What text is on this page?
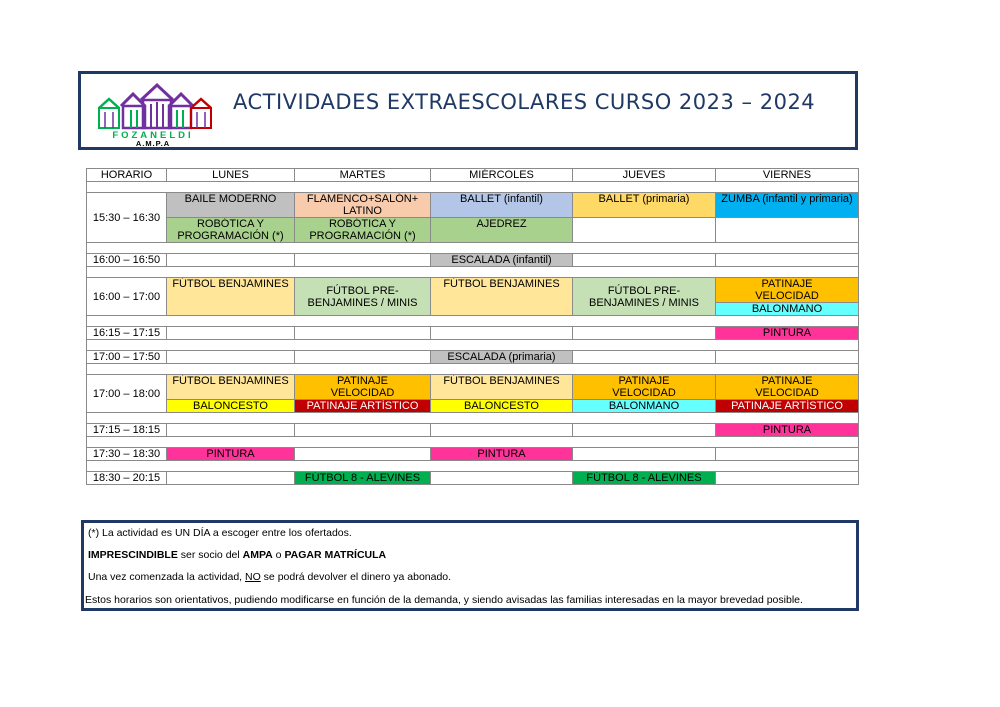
FOZANELDI
A.M.P.A
ACTIVIDADES EXTRAESCOLARES CURSO 2023 – 2024
HORARIO	LUNES	MARTES	MIÉRCOLES	JUEVES	VIERNES

15:30 – 16:30	BAILE MODERNO	FLAMENCO+SALÓN+
LATINO	BALLET (infantil)	BALLET (primaria)	ZUMBA (infantil y primaria)
	ROBÓTICA Y
PROGRAMACIÓN (*)	ROBÓTICA Y
PROGRAMACIÓN (*)	AJEDREZ		

16:00 – 16:50			ESCALADA (infantil)		

16:00 – 17:00	FÚTBOL BENJAMINES	FÚTBOL PRE-
BENJAMINES / MINIS	FÚTBOL BENJAMINES	FÚTBOL PRE-
BENJAMINES / MINIS	PATINAJE
VELOCIDAD
					BALONMANO

16:15 – 17:15					PINTURA

17:00 – 17:50			ESCALADA (primaria)		

17:00 – 18:00	FÚTBOL BENJAMINES	PATINAJE
VELOCIDAD	FÚTBOL BENJAMINES	PATINAJE
VELOCIDAD	PATINAJE
VELOCIDAD
	BALONCESTO	PATINAJE ARTÍSTICO	BALONCESTO	BALONMANO	PATINAJE ARTÍSTICO

17:15 – 18:15					PINTURA

17:30 – 18:30	PINTURA		PINTURA		

18:30 – 20:15		FÚTBOL 8 - ALEVINES		FÚTBOL 8 - ALEVINES	
(*) La actividad es UN DÍA a escoger entre los ofertados.
IMPRESCINDIBLE ser socio del AMPA o PAGAR MATRÍCULA
Una vez comenzada la actividad, NO se podrá devolver el dinero ya abonado.
Estos horarios son orientativos, pudiendo modificarse en función de la demanda, y siendo avisadas las familias interesadas en la mayor brevedad posible.
